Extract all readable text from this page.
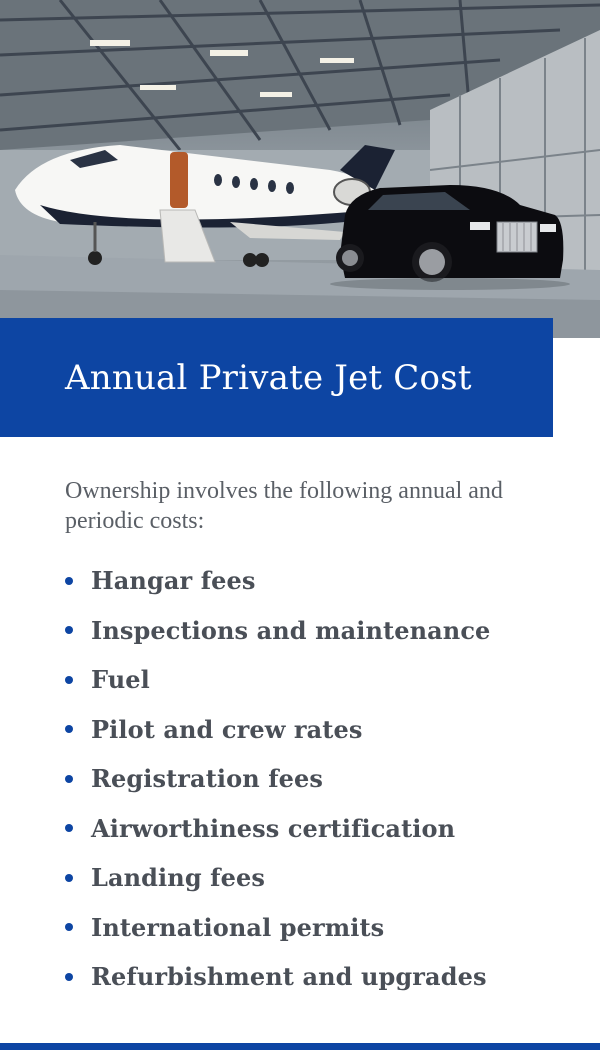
Annual Private Jet Cost

Ownership involves the following annual and periodic costs:

Hangar fees
Inspections and maintenance
Fuel
Pilot and crew rates
Registration fees
Airworthiness certification
Landing fees
International permits
Refurbishment and upgrades
